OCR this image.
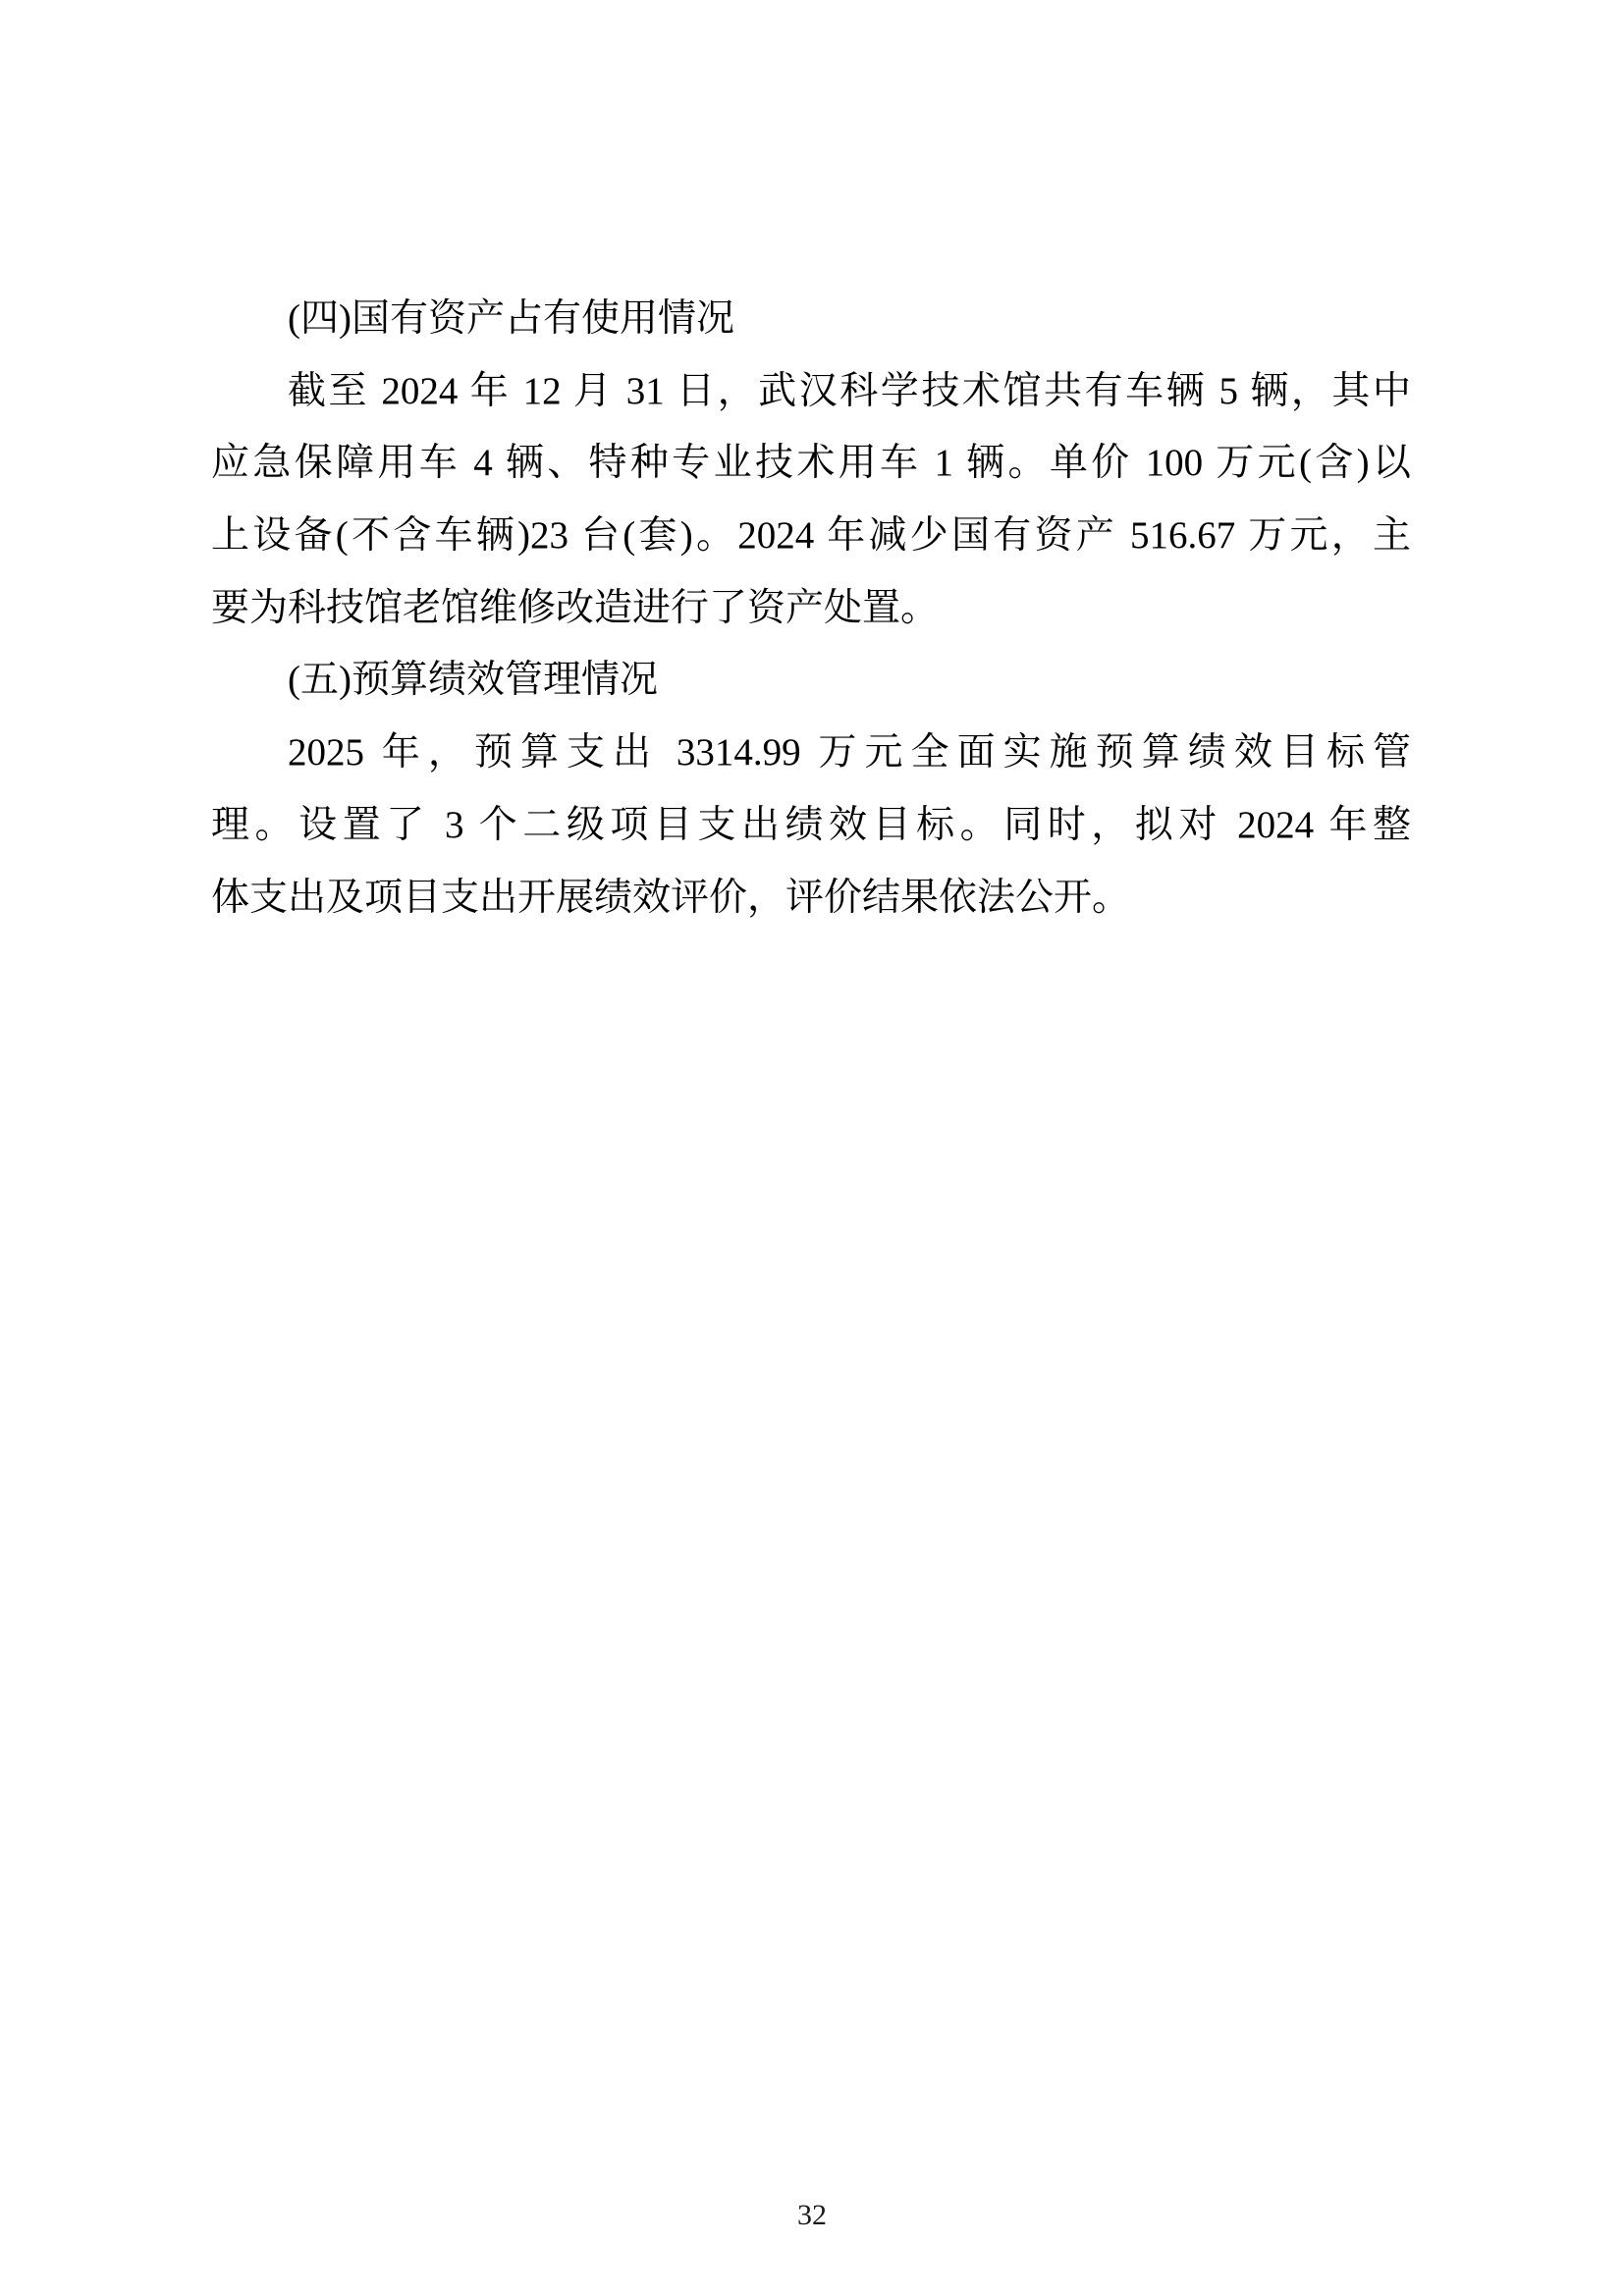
(四)国有资产占有使用情况
截至 2024 年 12 月 31 日，武汉科学技术馆共有车辆 5 辆，其中
应急保障用车 4 辆、特种专业技术用车 1 辆。单价 100 万元(含)以
上设备(不含车辆)23 台(套)。2024 年减少国有资产 516.67 万元，主
要为科技馆老馆维修改造进行了资产处置。
(五)预算绩效管理情况
2025 年，预算支出 3314.99 万元全面实施预算绩效目标管
理。设置了 3 个二级项目支出绩效目标。同时，拟对 2024 年整
体支出及项目支出开展绩效评价，评价结果依法公开。
32
